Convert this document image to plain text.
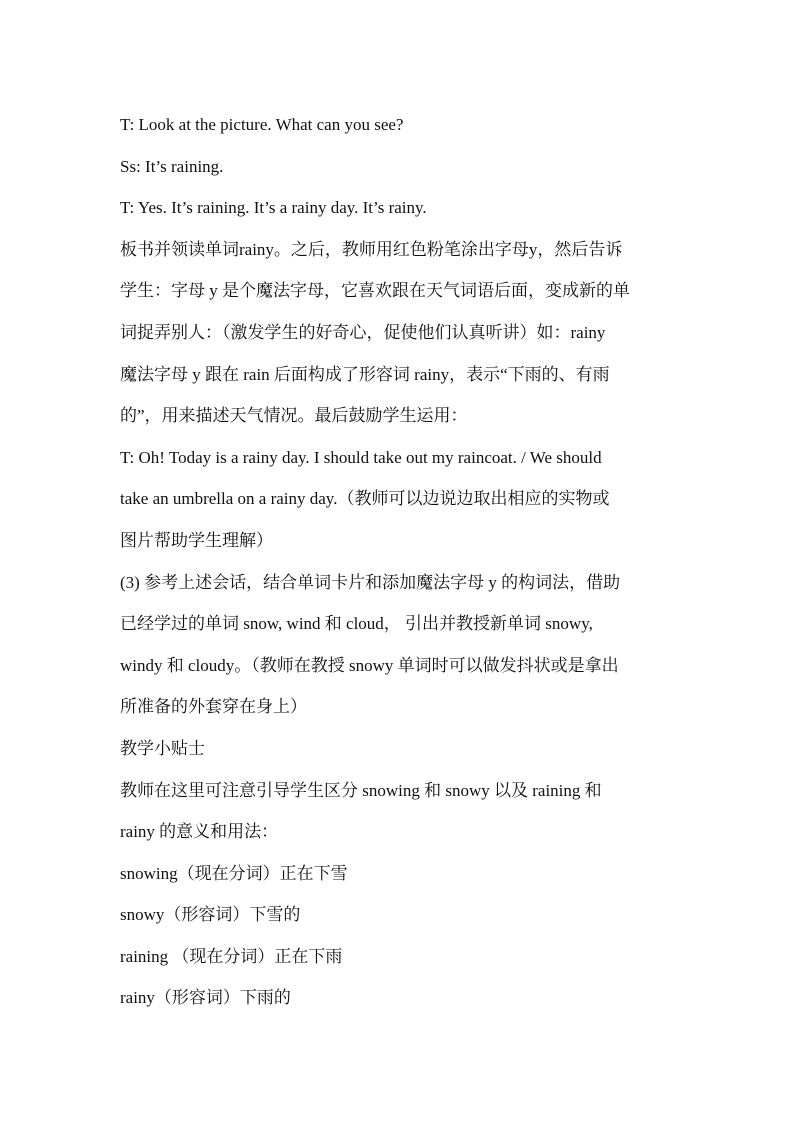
T: Look at the picture. What can you see?

Ss: It’s raining.

T: Yes. It’s raining. It’s a rainy day. It’s rainy.

板书并领读单词rainy。之后，教师用红色粉笔涂出字母y，然后告诉

学生：字母 y 是个魔法字母，它喜欢跟在天气词语后面，变成新的单

词捉弄别人：（激发学生的好奇心，促使他们认真听讲）如：rainy

魔法字母 y 跟在 rain 后面构成了形容词 rainy，表示“下雨的、有雨

的”，用来描述天气情况。最后鼓励学生运用：

T: Oh! Today is a rainy day. I should take out my raincoat. / We should

take an umbrella on a rainy day.（教师可以边说边取出相应的实物或

图片帮助学生理解）

(3) 参考上述会话，结合单词卡片和添加魔法字母 y 的构词法，借助

已经学过的单词 snow, wind 和 cloud， 引出并教授新单词 snowy,

windy 和 cloudy。（教师在教授 snowy 单词时可以做发抖状或是拿出

所准备的外套穿在身上）

教学小贴士

教师在这里可注意引导学生区分 snowing 和 snowy 以及 raining 和

rainy 的意义和用法：

snowing（现在分词）正在下雪

snowy（形容词）下雪的

raining （现在分词）正在下雨

rainy（形容词）下雨的
